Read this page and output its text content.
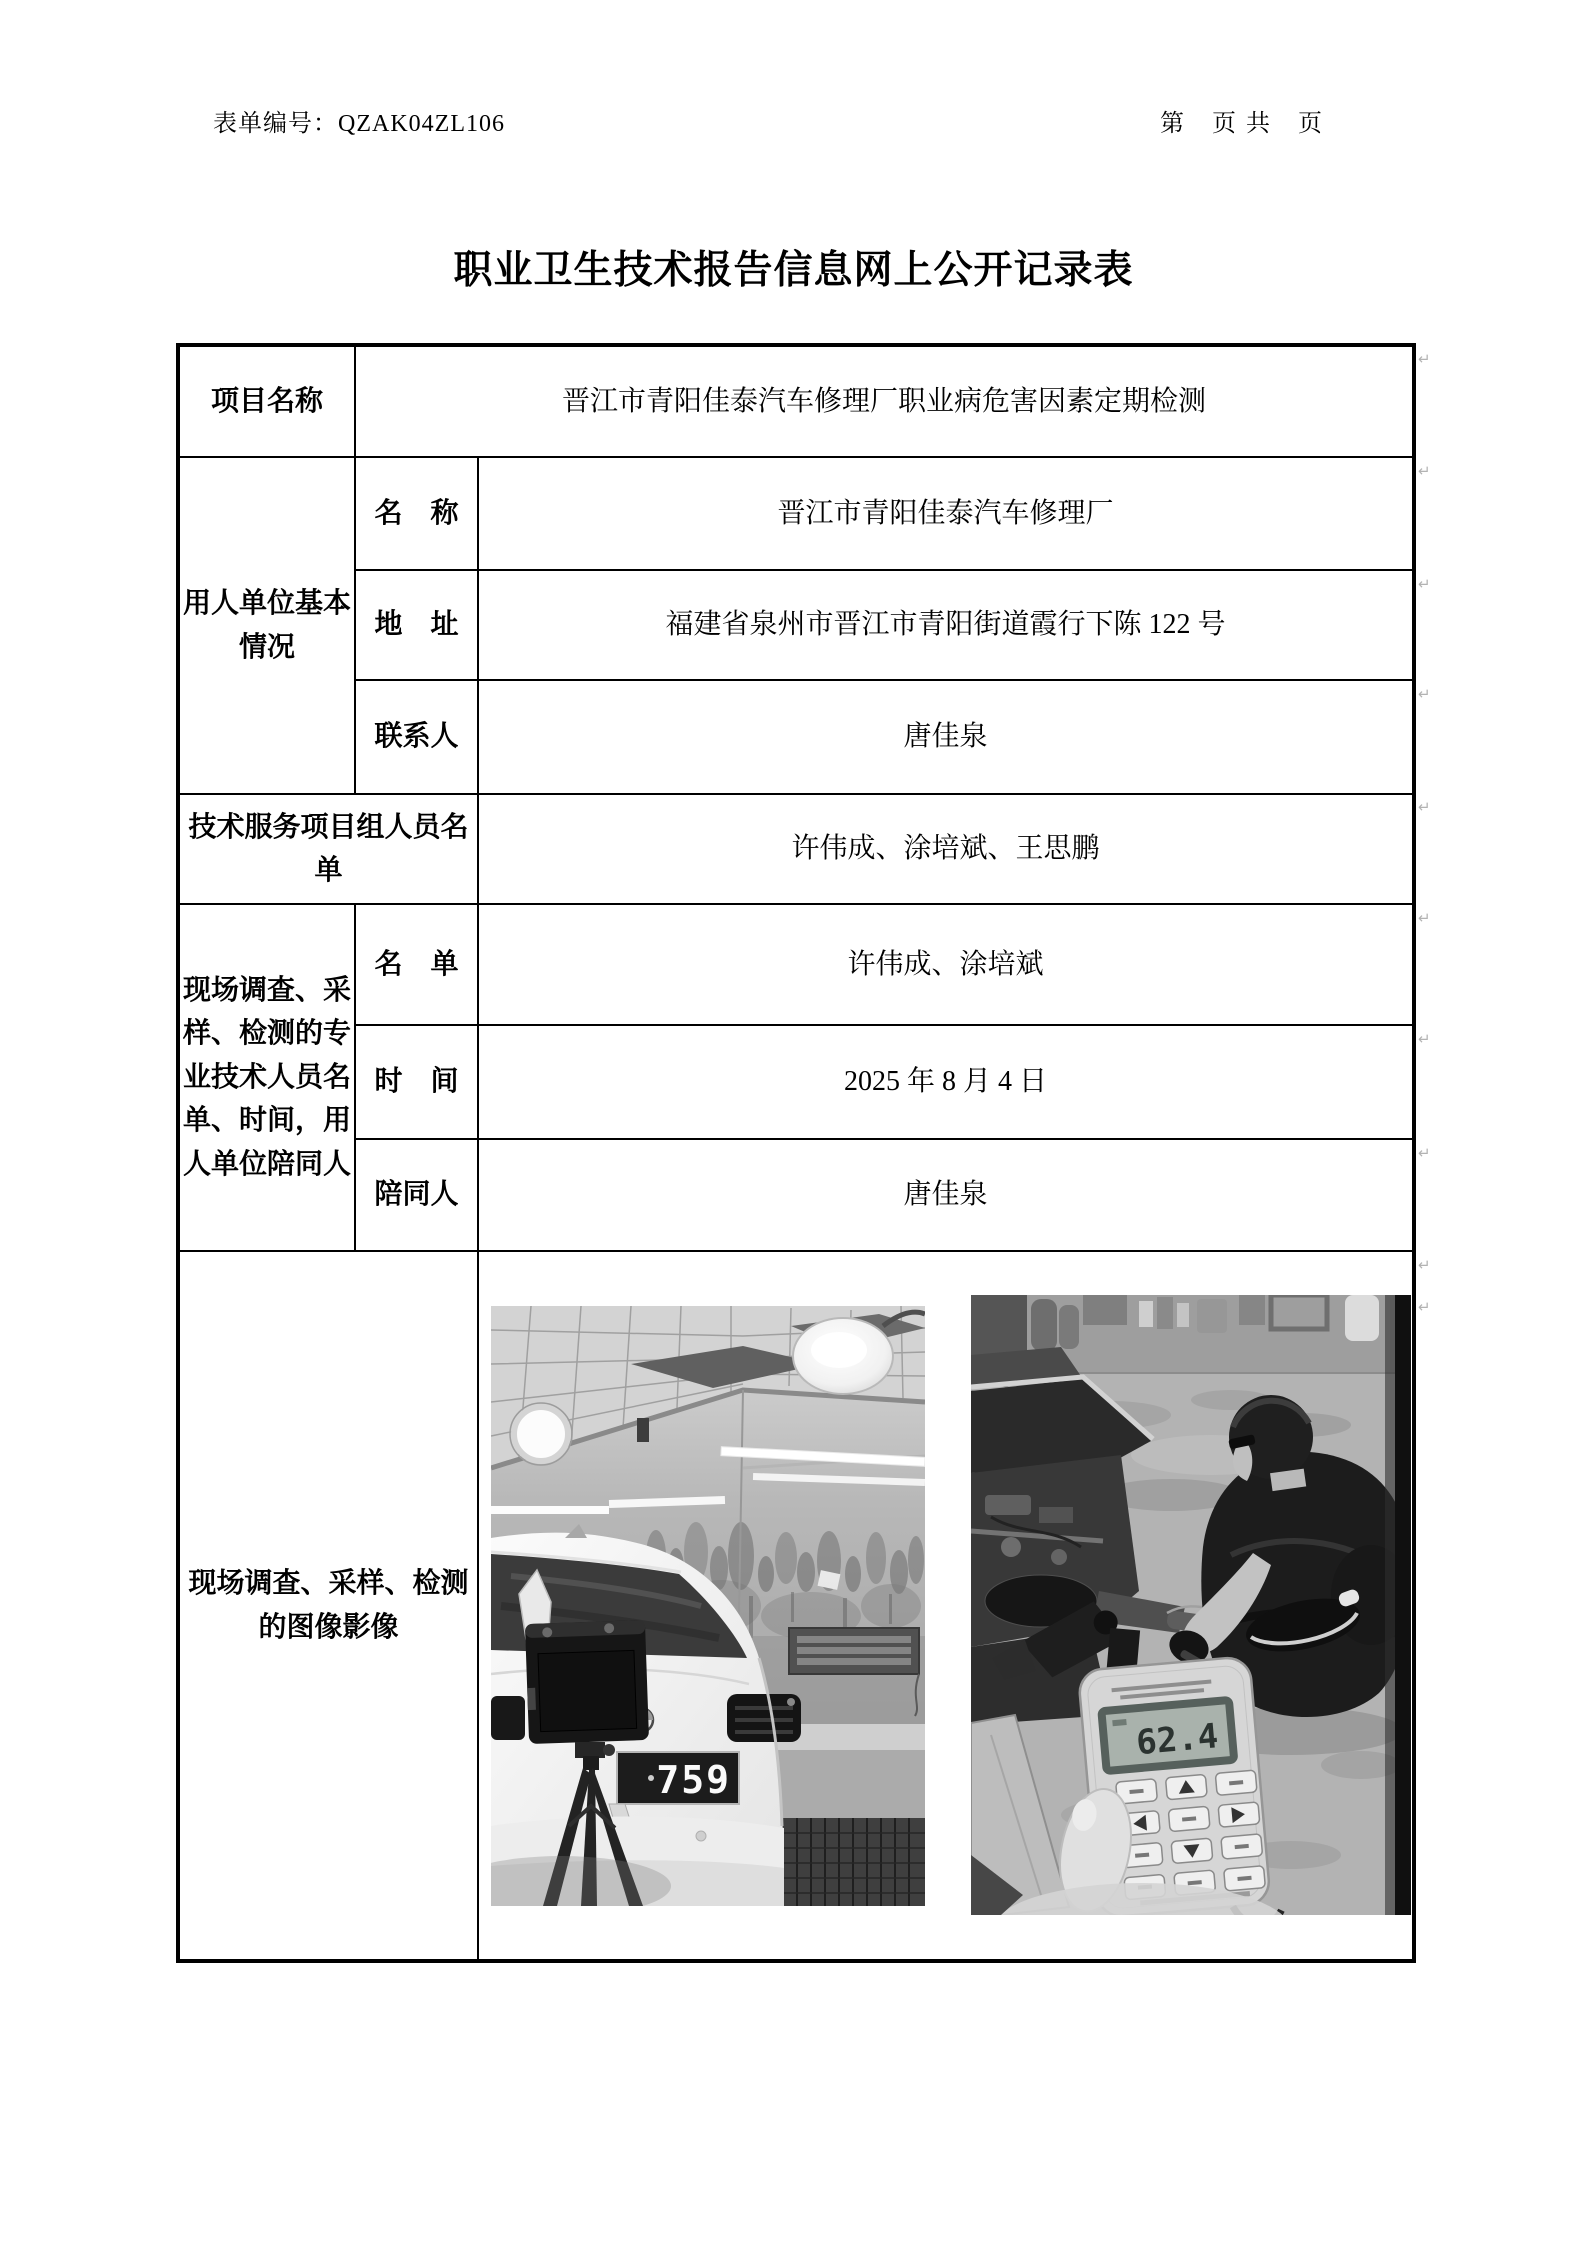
表单编号：QZAK04ZL106	第　页 共　页
职业卫生技术报告信息网上公开记录表
项目名称	晋江市青阳佳泰汽车修理厂职业病危害因素定期检测	
用人单位基本情况	名　称	晋江市青阳佳泰汽车修理厂
	地　址	福建省泉州市晋江市青阳街道霞行下陈 122 号
	联系人	唐佳泉
技术服务项目组人员名单		许伟成、涂培斌、王思鹏
现场调查、采样、检测的专业技术人员名单、时间，用人单位陪同人	名　单	许伟成、涂培斌
	时　间	2025 年 8 月 4 日
	陪同人	唐佳泉
现场调查、采样、检测的图像影像		759
62.4
↵
↵
↵
↵
↵
↵
↵
↵
↵
↵
